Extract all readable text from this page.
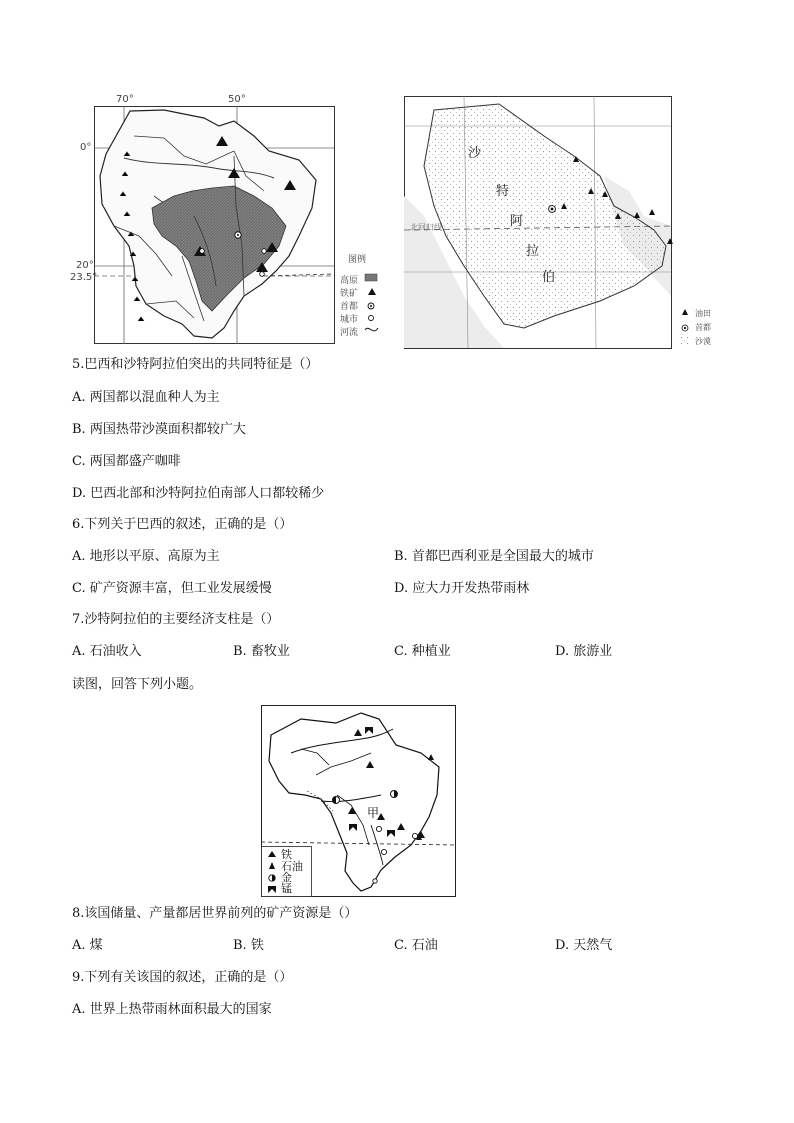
70°	50°
0°
20°
23.5°
图例
高原
铁矿
首都
城市
河流
沙
特
阿
拉
伯
北回归线
油田
首都
沙漠
5.巴西和沙特阿拉伯突出的共同特征是（）
A. 两国都以混血种人为主
B. 两国热带沙漠面积都较广大
C. 两国都盛产咖啡
D. 巴西北部和沙特阿拉伯南部人口都较稀少
6.下列关于巴西的叙述，正确的是（）
A. 地形以平原、高原为主	B. 首都巴西利亚是全国最大的城市
C. 矿产资源丰富，但工业发展缓慢	D. 应大力开发热带雨林
7.沙特阿拉伯的主要经济支柱是（）
A. 石油收入	B. 畜牧业	C. 种植业	D. 旅游业
读图，回答下列小题。
甲
铁
石油
金
锰
8.该国储量、产量都居世界前列的矿产资源是（）
A. 煤	B. 铁	C. 石油	D. 天然气
9.下列有关该国的叙述，正确的是（）
A. 世界上热带雨林面积最大的国家
